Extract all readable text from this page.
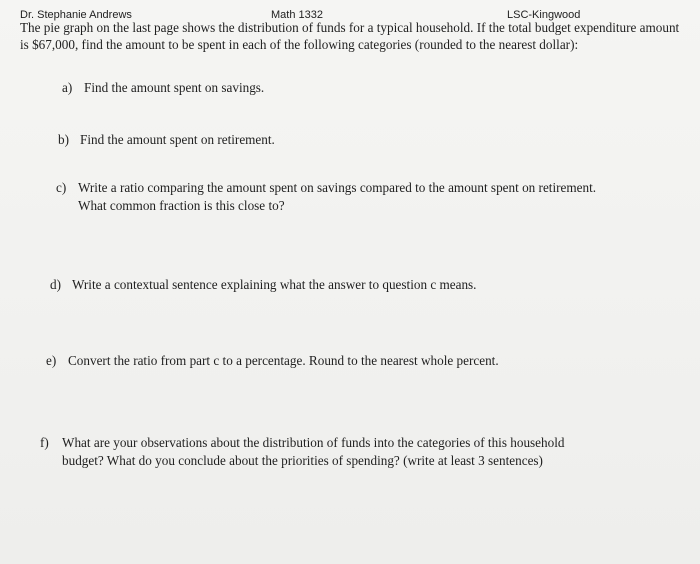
Dr. Stephanie Andrews	Math 1332	LSC-Kingwood
The pie graph on the last page shows the distribution of funds for a typical household. If the total budget expenditure amount is $67,000, find the amount to be spent in each of the following categories (rounded to the nearest dollar):
a) Find the amount spent on savings.
b) Find the amount spent on retirement.
c) Write a ratio comparing the amount spent on savings compared to the amount spent on retirement.
What common fraction is this close to?
d) Write a contextual sentence explaining what the answer to question c means.
e) Convert the ratio from part c to a percentage. Round to the nearest whole percent.
f) What are your observations about the distribution of funds into the categories of this household
budget? What do you conclude about the priorities of spending? (write at least 3 sentences)
